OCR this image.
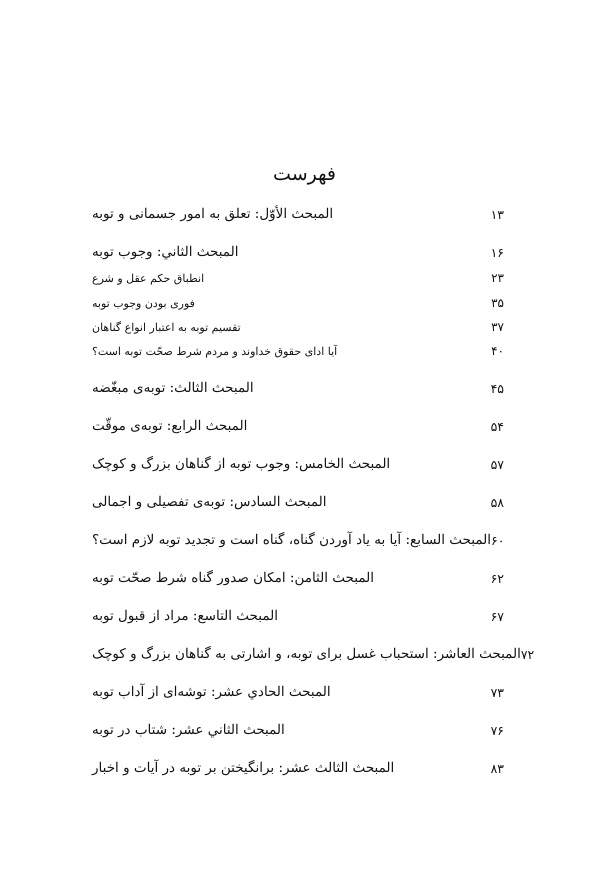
فهرست
المبحث الأوّل: تعلق به امور جسمانی و توبه	۱۳
المبحث الثاني: وجوب توبه	۱۶
انطباق حکم عقل و شرع	۲۳
فوری بودن وجوب توبه	۳۵
تقسیم توبه به اعتبار انواع گناهان	۳۷
آیا ادای حقوق خداوند و مردم شرط صحّت توبه است؟	۴۰
المبحث الثالث: توبه‌ی مبغّضه	۴۵
المبحث الرابع: توبه‌ی موقّت	۵۴
المبحث الخامس: وجوب توبه از گناهان بزرگ و کوچک	۵۷
المبحث السادس: توبه‌ی تفصیلی و اجمالی	۵۸
المبحث السابع: آیا به یاد آوردن گناه، گناه است و تجدید توبه لازم است؟ ۶۰
المبحث الثامن: امکان صدور گناه شرط صحّت توبه	۶۲
المبحث التاسع: مراد از قبول توبه	۶۷
المبحث العاشر: استحباب غسل برای توبه، و اشارتی به گناهان بزرگ و کوچک ۷۲
المبحث الحادي عشر: توشه‌ای از آداب توبه	۷۳
المبحث الثاني عشر: شتاب در توبه	۷۶
المبحث الثالث عشر: برانگیختن بر توبه در آیات و اخبار	۸۳
